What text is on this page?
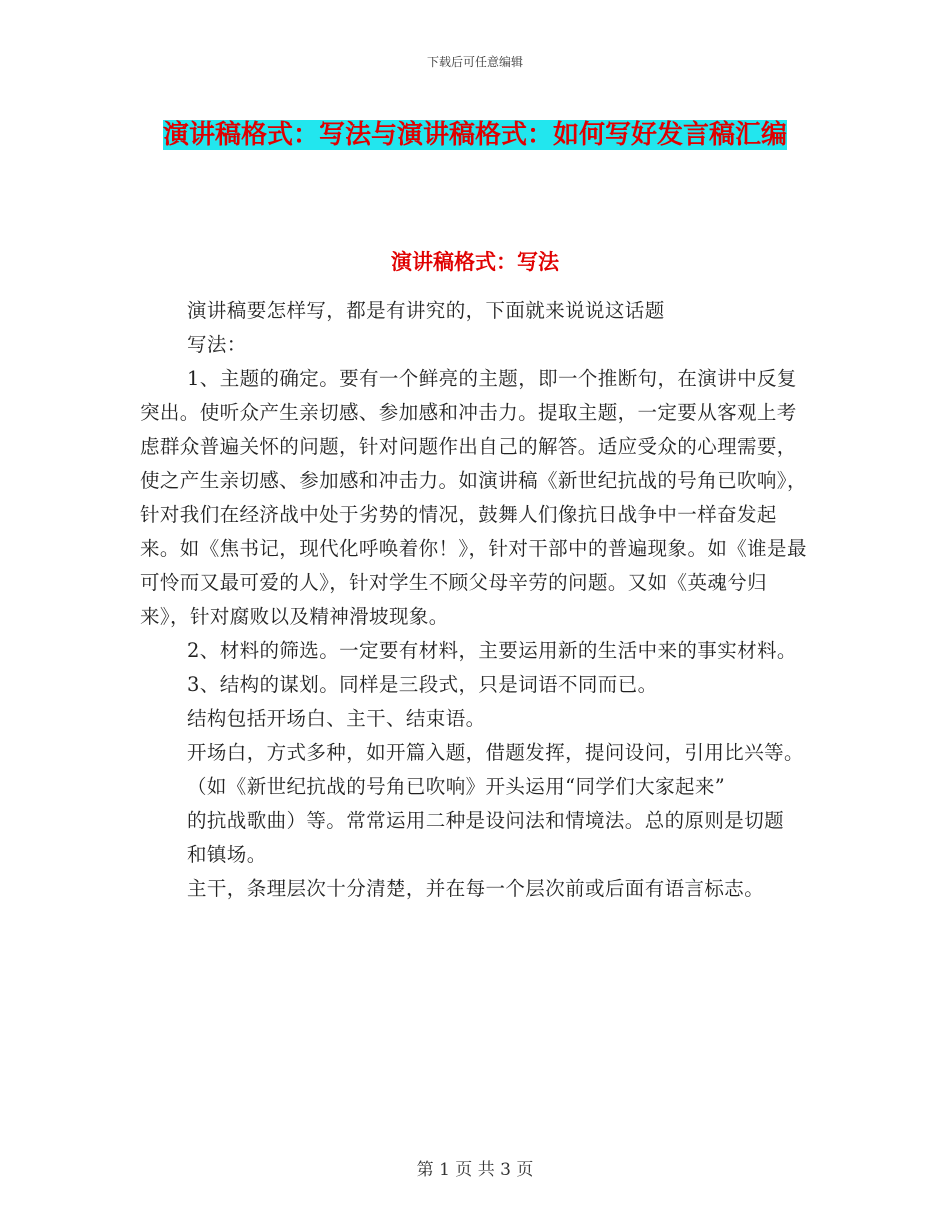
下载后可任意编辑
演讲稿格式：写法与演讲稿格式：如何写好发言稿汇编
演讲稿格式：写法

演讲稿要怎样写，都是有讲究的，下面就来说说这话题

写法：

1、主题的确定。要有一个鲜亮的主题，即一个推断句，在演讲中反复突出。使听众产生亲切感、参加感和冲击力。提取主题，一定要从客观上考虑群众普遍关怀的问题，针对问题作出自己的解答。适应受众的心理需要，使之产生亲切感、参加感和冲击力。如演讲稿《新世纪抗战的号角已吹响》，针对我们在经济战中处于劣势的情况，鼓舞人们像抗日战争中一样奋发起来。如《焦书记，现代化呼唤着你！》，针对干部中的普遍现象。如《谁是最可怜而又最可爱的人》，针对学生不顾父母辛劳的问题。又如《英魂兮归来》，针对腐败以及精神滑坡现象。

2、材料的筛选。一定要有材料，主要运用新的生活中来的事实材料。

3、结构的谋划。同样是三段式，只是词语不同而已。

结构包括开场白、主干、结束语。

开场白，方式多种，如开篇入题，借题发挥，提问设问，引用比兴等。（如《新世纪抗战的号角已吹响》开头运用“同学们大家起来”

的抗战歌曲）等。常常运用二种是设问法和情境法。总的原则是切题

和镇场。

主干，条理层次十分清楚，并在每一个层次前或后面有语言标志。

第 1 页 共 3 页
